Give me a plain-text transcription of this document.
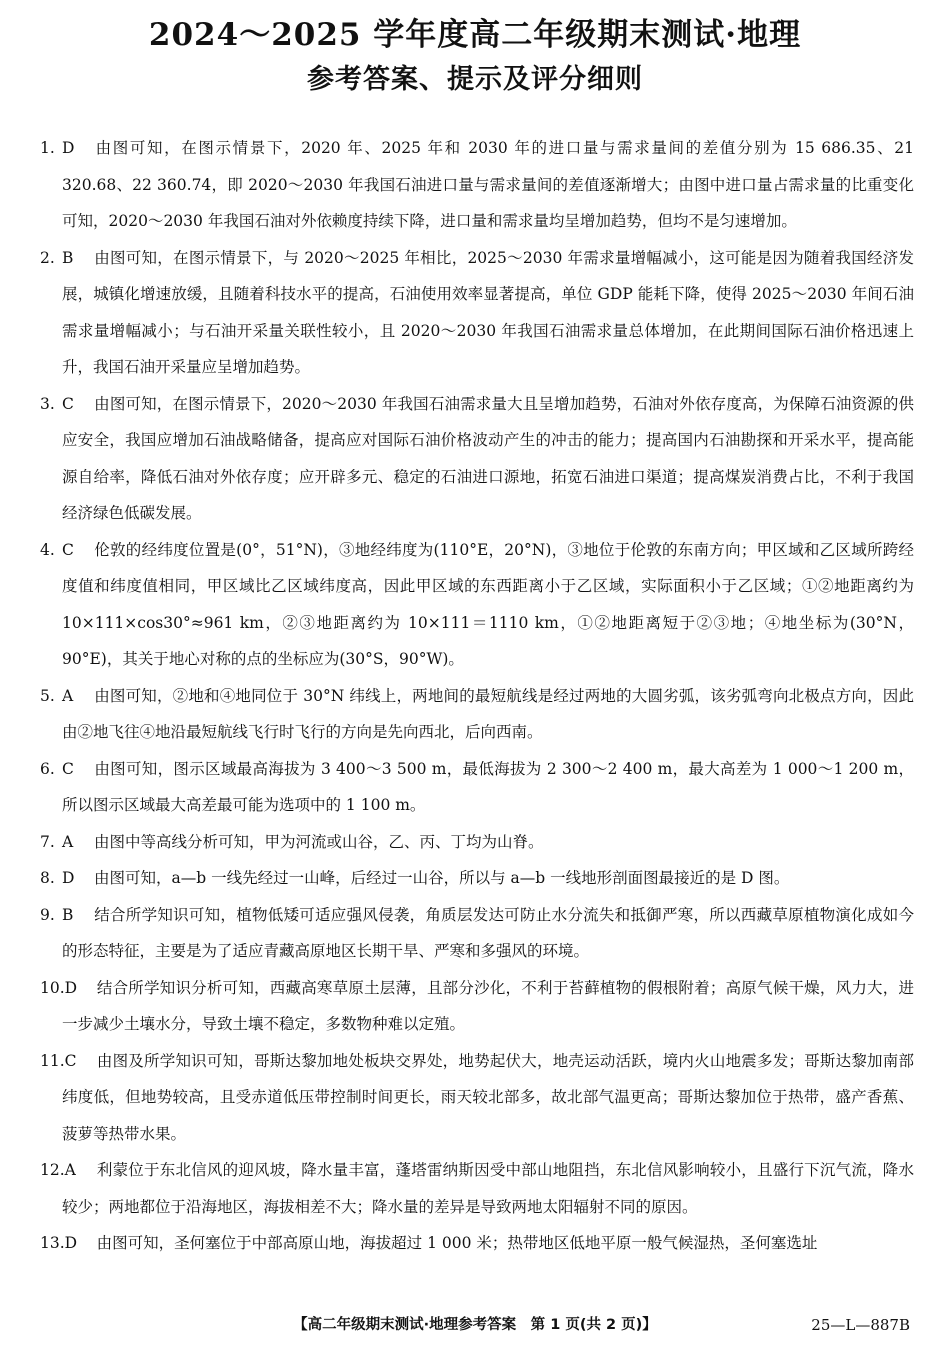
2024～2025 学年度高二年级期末测试·地理
参考答案、提示及评分细则

1. D 由图可知，在图示情景下，2020 年、2025 年和 2030 年的进口量与需求量间的差值分别为 15 686.35、21 320.68、22 360.74，即 2020～2030 年我国石油进口量与需求量间的差值逐渐增大；由图中进口量占需求量的比重变化可知，2020～2030 年我国石油对外依赖度持续下降，进口量和需求量均呈增加趋势，但均不是匀速增加。

2. B 由图可知，在图示情景下，与 2020～2025 年相比，2025～2030 年需求量增幅减小，这可能是因为随着我国经济发展，城镇化增速放缓，且随着科技水平的提高，石油使用效率显著提高，单位 GDP 能耗下降，使得 2025～2030 年间石油需求量增幅减小；与石油开采量关联性较小，且 2020～2030 年我国石油需求量总体增加，在此期间国际石油价格迅速上升，我国石油开采量应呈增加趋势。

3. C 由图可知，在图示情景下，2020～2030 年我国石油需求量大且呈增加趋势，石油对外依存度高，为保障石油资源的供应安全，我国应增加石油战略储备，提高应对国际石油价格波动产生的冲击的能力；提高国内石油勘探和开采水平，提高能源自给率，降低石油对外依存度；应开辟多元、稳定的石油进口源地，拓宽石油进口渠道；提高煤炭消费占比，不利于我国经济绿色低碳发展。

4. C 伦敦的经纬度位置是(0°，51°N)，③地经纬度为(110°E，20°N)，③地位于伦敦的东南方向；甲区域和乙区域所跨经度值和纬度值相同，甲区域比乙区域纬度高，因此甲区域的东西距离小于乙区域，实际面积小于乙区域；①②地距离约为 10×111×cos30°≈961 km，②③地距离约为 10×111＝1110 km，①②地距离短于②③地；④地坐标为(30°N，90°E)，其关于地心对称的点的坐标应为(30°S，90°W)。

5. A 由图可知，②地和④地同位于 30°N 纬线上，两地间的最短航线是经过两地的大圆劣弧，该劣弧弯向北极点方向，因此由②地飞往④地沿最短航线飞行时飞行的方向是先向西北，后向西南。

6. C 由图可知，图示区域最高海拔为 3 400～3 500 m，最低海拔为 2 300～2 400 m，最大高差为 1 000～1 200 m，所以图示区域最大高差最可能为选项中的 1 100 m。

7. A 由图中等高线分析可知，甲为河流或山谷，乙、丙、丁均为山脊。

8. D 由图可知，a—b 一线先经过一山峰，后经过一山谷，所以与 a—b 一线地形剖面图最接近的是 D 图。

9. B 结合所学知识可知，植物低矮可适应强风侵袭，角质层发达可防止水分流失和抵御严寒，所以西藏草原植物演化成如今的形态特征，主要是为了适应青藏高原地区长期干旱、严寒和多强风的环境。

10.D 结合所学知识分析可知，西藏高寒草原土层薄，且部分沙化，不利于苔藓植物的假根附着；高原气候干燥，风力大，进一步减少土壤水分，导致土壤不稳定，多数物种难以定殖。

11.C 由图及所学知识可知，哥斯达黎加地处板块交界处，地势起伏大，地壳运动活跃，境内火山地震多发；哥斯达黎加南部纬度低，但地势较高，且受赤道低压带控制时间更长，雨天较北部多，故北部气温更高；哥斯达黎加位于热带，盛产香蕉、菠萝等热带水果。

12.A 利蒙位于东北信风的迎风坡，降水量丰富，蓬塔雷纳斯因受中部山地阻挡，东北信风影响较小，且盛行下沉气流，降水较少；两地都位于沿海地区，海拔相差不大；降水量的差异是导致两地太阳辐射不同的原因。

13.D 由图可知，圣何塞位于中部高原山地，海拔超过 1 000 米；热带地区低地平原一般气候湿热，圣何塞选址

【高二年级期末测试·地理参考答案　第 1 页(共 2 页)】	25—L—887B
